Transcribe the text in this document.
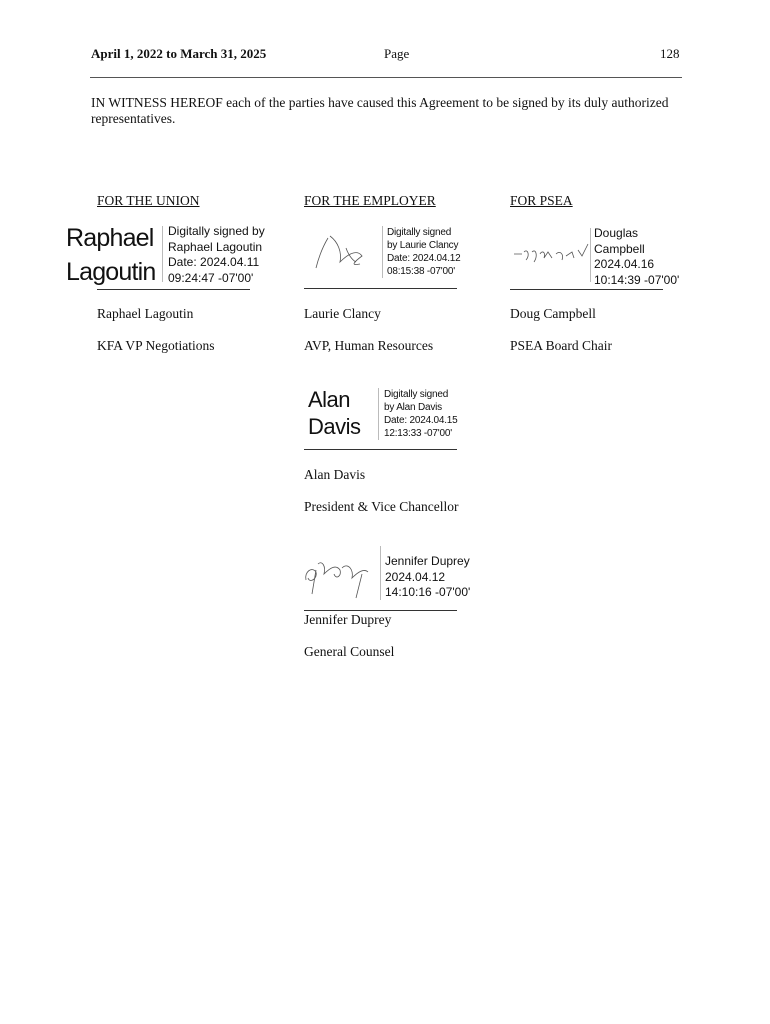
April 1, 2022 to March 31, 2025	Page	128
IN WITNESS HEREOF each of the parties have caused this Agreement to be signed by its duly authorized representatives.
FOR THE UNION	FOR THE EMPLOYER	FOR PSEA
Raphael
Lagoutin
Digitally signed by
Raphael Lagoutin
Date: 2024.04.11
09:24:47 -07'00'
Raphael Lagoutin
KFA VP Negotiations
Digitally signed
by Laurie Clancy
Date: 2024.04.12
08:15:38 -07'00'
Laurie Clancy
AVP, Human Resources
Douglas
Campbell
2024.04.16
10:14:39 -07'00'
Doug Campbell
PSEA Board Chair
Alan
Davis
Digitally signed
by Alan Davis
Date: 2024.04.15
12:13:33 -07'00'
Alan Davis
President & Vice Chancellor
Jennifer Duprey
2024.04.12
14:10:16 -07'00'
Jennifer Duprey
General Counsel
